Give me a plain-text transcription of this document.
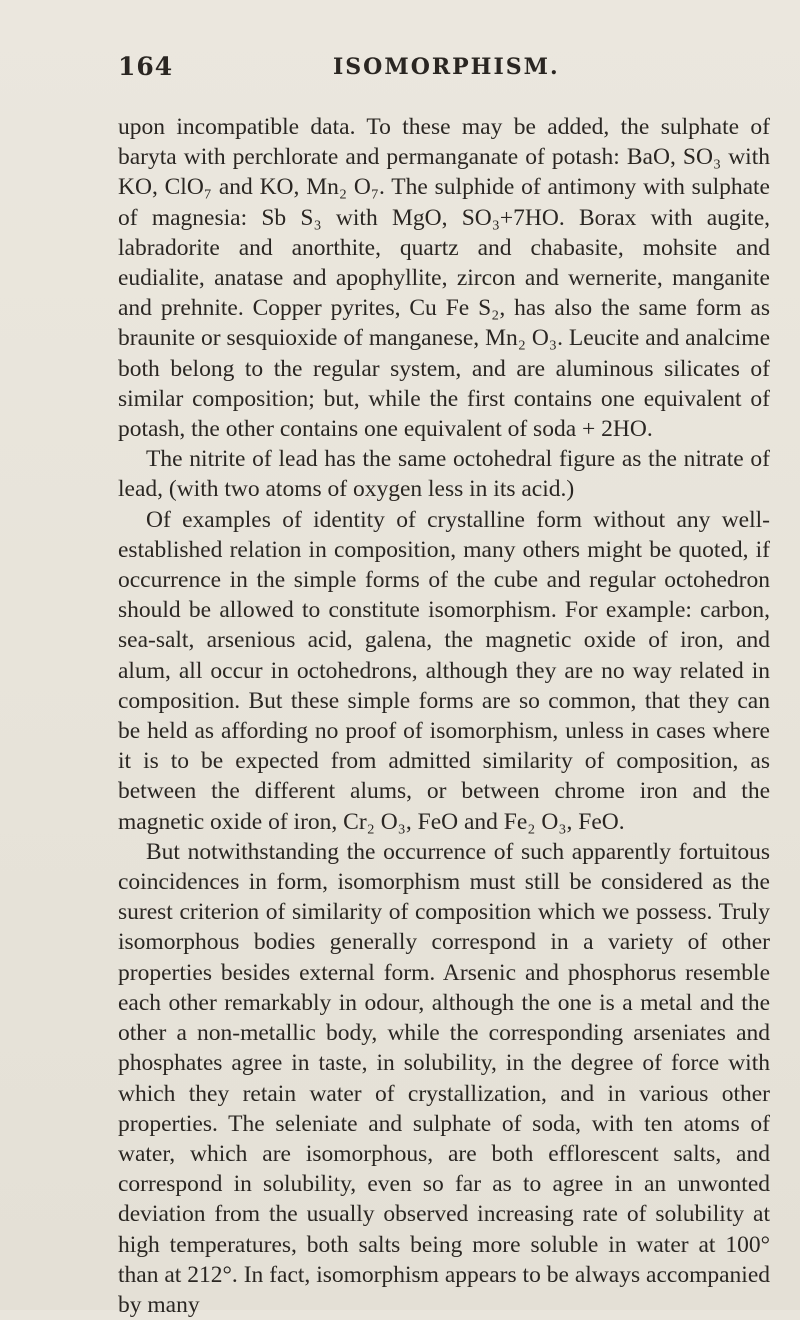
164	ISOMORPHISM.

upon incompatible data. To these may be added, the sulphate of baryta with perchlorate and permanganate of potash: BaO, SO₃ with KO, ClO₇ and KO, Mn₂ O₇. The sulphide of antimony with sulphate of magnesia: Sb S₃ with MgO, SO₃+7HO. Borax with augite, labradorite and anorthite, quartz and chabasite, mohsite and eudialite, anatase and apophyllite, zircon and wernerite, manganite and prehnite. Copper pyrites, Cu Fe S₂, has also the same form as braunite or sesquioxide of manganese, Mn₂ O₃. Leucite and analcime both belong to the regular system, and are aluminous silicates of similar composition; but, while the first contains one equivalent of potash, the other contains one equivalent of soda + 2HO.

The nitrite of lead has the same octohedral figure as the nitrate of lead, (with two atoms of oxygen less in its acid.)

Of examples of identity of crystalline form without any well-established relation in composition, many others might be quoted, if occurrence in the simple forms of the cube and regular octohedron should be allowed to constitute isomorphism. For example: carbon, sea-salt, arsenious acid, galena, the magnetic oxide of iron, and alum, all occur in octohedrons, although they are no way related in composition. But these simple forms are so common, that they can be held as affording no proof of isomorphism, unless in cases where it is to be expected from admitted similarity of composition, as between the different alums, or between chrome iron and the magnetic oxide of iron, Cr₂ O₃, FeO and Fe₂ O₃, FeO.

But notwithstanding the occurrence of such apparently fortuitous coincidences in form, isomorphism must still be considered as the surest criterion of similarity of composition which we possess. Truly isomorphous bodies generally correspond in a variety of other properties besides external form. Arsenic and phosphorus resemble each other remarkably in odour, although the one is a metal and the other a non-metallic body, while the corresponding arseniates and phosphates agree in taste, in solubility, in the degree of force with which they retain water of crystallization, and in various other properties. The seleniate and sulphate of soda, with ten atoms of water, which are isomorphous, are both efflorescent salts, and correspond in solubility, even so far as to agree in an unwonted deviation from the usually observed increasing rate of solubility at high temperatures, both salts being more soluble in water at 100° than at 212°. In fact, isomorphism appears to be always accompanied by many
